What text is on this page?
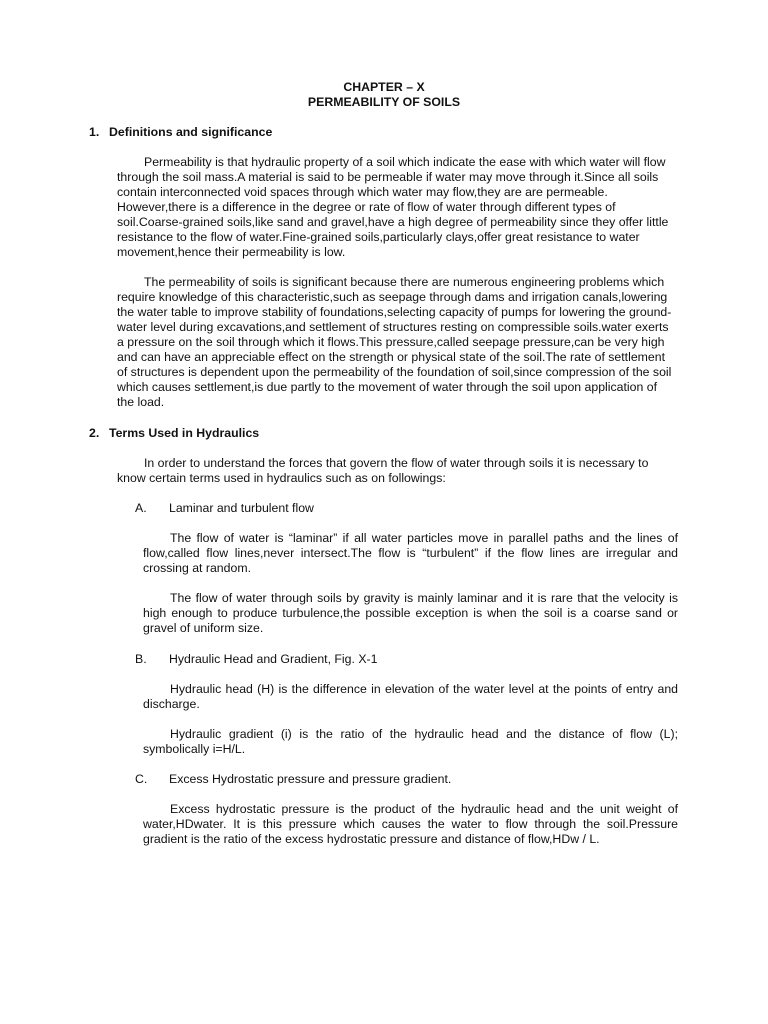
CHAPTER – X
PERMEABILITY OF SOILS
1. Definitions and significance

Permeability is that hydraulic property of a soil which indicate the ease with which water will flow through the soil mass.A material is said to be permeable if water may move through it.Since all soils contain interconnected void spaces through which water may flow,they are are permeable. However,there is a difference in the degree or rate of flow of water through different types of soil.Coarse-grained soils,like sand and gravel,have a high degree of permeability since they offer little resistance to the flow of water.Fine-grained soils,particularly clays,offer great resistance to water movement,hence their permeability is low.

The permeability of soils is significant because there are numerous engineering problems which require knowledge of this characteristic,such as seepage through dams and irrigation canals,lowering the water table to improve stability of foundations,selecting capacity of pumps for lowering the ground-water level during excavations,and settlement of structures resting on compressible soils.water exerts a pressure on the soil through which it flows.This pressure,called seepage pressure,can be very high and can have an appreciable effect on the strength or physical state of the soil.The rate of settlement of structures is dependent upon the permeability of the foundation of soil,since compression of the soil which causes settlement,is due partly to the movement of water through the soil upon application of the load.

2. Terms Used in Hydraulics

In order to understand the forces that govern the flow of water through soils it is necessary to know certain terms used in hydraulics such as on followings:

A. Laminar and turbulent flow

The flow of water is “laminar” if all water particles move in parallel paths and the lines of flow,called flow lines,never intersect.The flow is “turbulent” if the flow lines are irregular and crossing at random.

The flow of water through soils by gravity is mainly laminar and it is rare that the velocity is high enough to produce turbulence,the possible exception is when the soil is a coarse sand or gravel of uniform size.

B. Hydraulic Head and Gradient, Fig. X-1

Hydraulic head (H) is the difference in elevation of the water level at the points of entry and discharge.

Hydraulic gradient (i) is the ratio of the hydraulic head and the distance of flow (L); symbolically i=H/L.

C. Excess Hydrostatic pressure and pressure gradient.

Excess hydrostatic pressure is the product of the hydraulic head and the unit weight of water,HDwater. It is this pressure which causes the water to flow through the soil.Pressure gradient is the ratio of the excess hydrostatic pressure and distance of flow,HDw / L.
